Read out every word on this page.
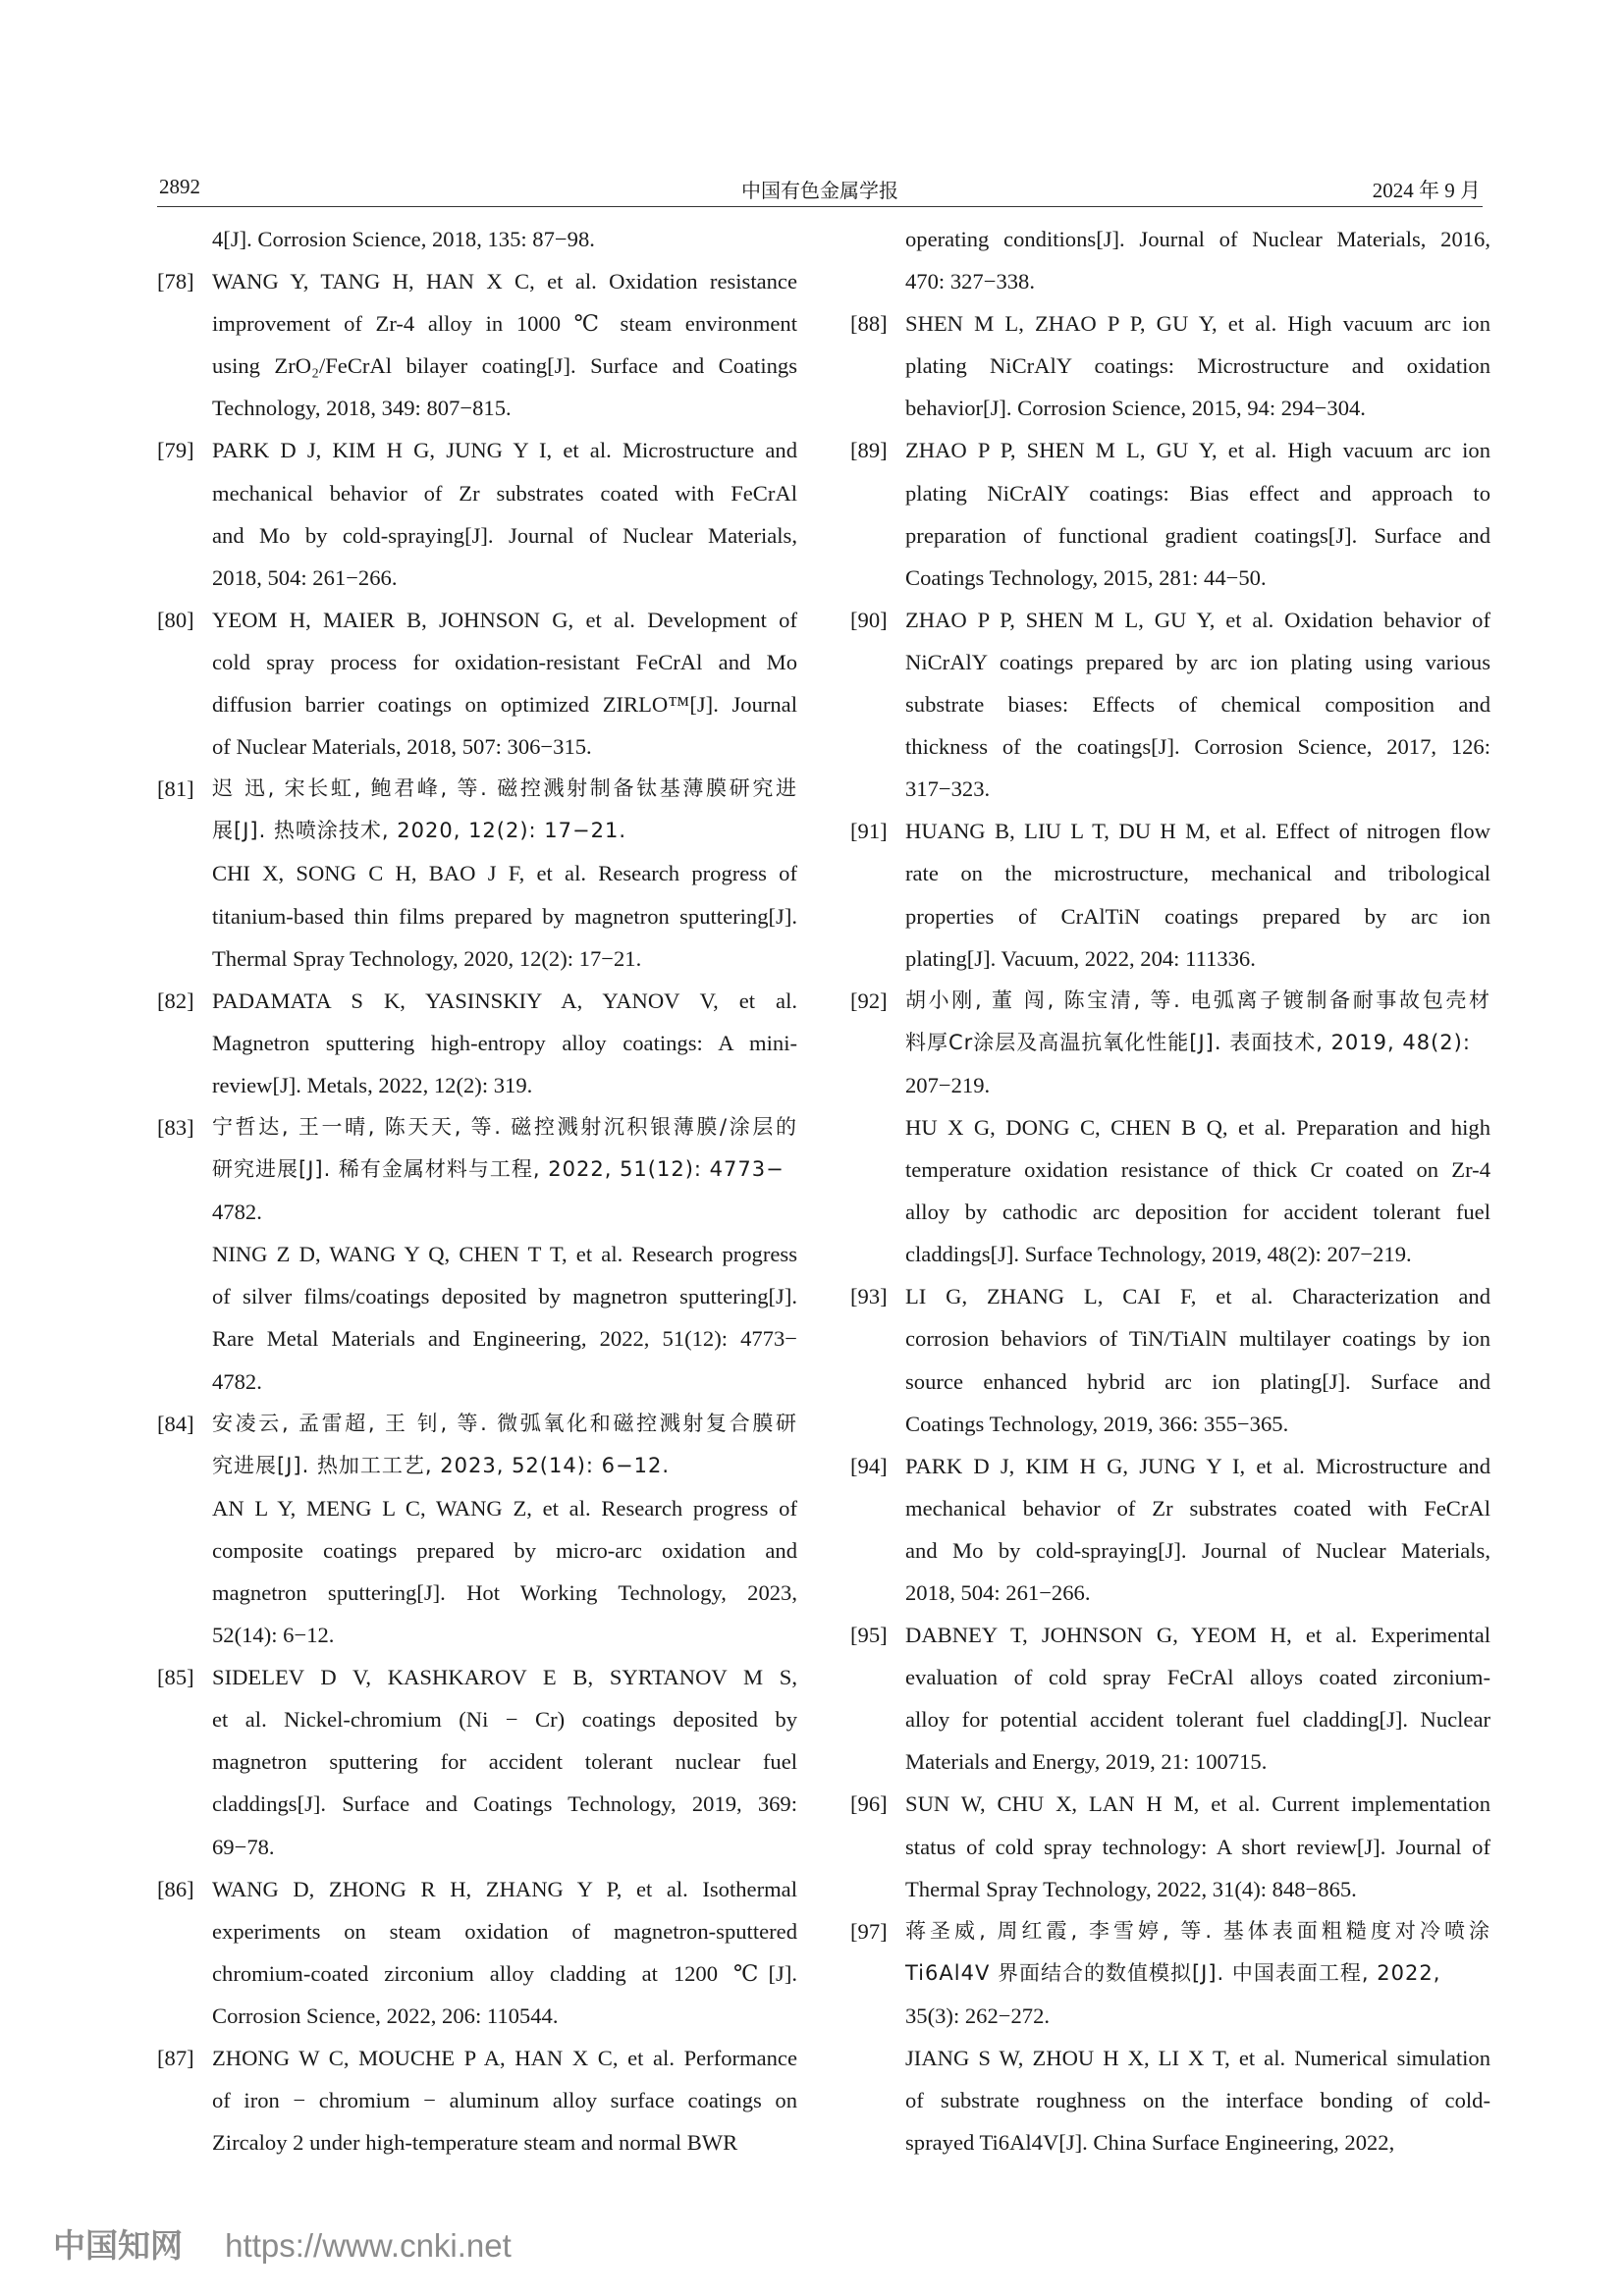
2892	中国有色金属学报	2024 年 9 月
4[J]. Corrosion Science, 2018, 135: 87−98.
[78] WANG Y, TANG H, HAN X C, et al. Oxidation resistance
improvement of Zr-4 alloy in 1000 ℃ steam environment
using ZrO₂/FeCrAl bilayer coating[J]. Surface and Coatings
Technology, 2018, 349: 807−815.
[79] PARK D J, KIM H G, JUNG Y I, et al. Microstructure and
mechanical behavior of Zr substrates coated with FeCrAl
and Mo by cold-spraying[J]. Journal of Nuclear Materials,
2018, 504: 261−266.
[80] YEOM H, MAIER B, JOHNSON G, et al. Development of
cold spray process for oxidation-resistant FeCrAl and Mo
diffusion barrier coatings on optimized ZIRLO™[J]. Journal
of Nuclear Materials, 2018, 507: 306−315.
[81] 迟 迅, 宋长虹, 鲍君峰, 等. 磁控溅射制备钛基薄膜研究进
展[J]. 热喷涂技术, 2020, 12(2): 17−21.
CHI X, SONG C H, BAO J F, et al. Research progress of
titanium-based thin films prepared by magnetron sputtering[J].
Thermal Spray Technology, 2020, 12(2): 17−21.
[82] PADAMATA S K, YASINSKIY A, YANOV V, et al.
Magnetron sputtering high-entropy alloy coatings: A mini-
review[J]. Metals, 2022, 12(2): 319.
[83] 宁哲达, 王一晴, 陈天天, 等. 磁控溅射沉积银薄膜/涂层的
研究进展[J]. 稀有金属材料与工程, 2022, 51(12): 4773−
4782.
NING Z D, WANG Y Q, CHEN T T, et al. Research progress
of silver films/coatings deposited by magnetron sputtering[J].
Rare Metal Materials and Engineering, 2022, 51(12): 4773−
4782.
[84] 安凌云, 孟雷超, 王 钊, 等. 微弧氧化和磁控溅射复合膜研
究进展[J]. 热加工工艺, 2023, 52(14): 6−12.
AN L Y, MENG L C, WANG Z, et al. Research progress of
composite coatings prepared by micro-arc oxidation and
magnetron sputtering[J]. Hot Working Technology, 2023,
52(14): 6−12.
[85] SIDELEV D V, KASHKAROV E B, SYRTANOV M S,
et al. Nickel-chromium (Ni − Cr) coatings deposited by
magnetron sputtering for accident tolerant nuclear fuel
claddings[J]. Surface and Coatings Technology, 2019, 369:
69−78.
[86] WANG D, ZHONG R H, ZHANG Y P, et al. Isothermal
experiments on steam oxidation of magnetron-sputtered
chromium-coated zirconium alloy cladding at 1200 ℃[J].
Corrosion Science, 2022, 206: 110544.
[87] ZHONG W C, MOUCHE P A, HAN X C, et al. Performance
of iron − chromium − aluminum alloy surface coatings on
Zircaloy 2 under high-temperature steam and normal BWR
operating conditions[J]. Journal of Nuclear Materials, 2016,
470: 327−338.
[88] SHEN M L, ZHAO P P, GU Y, et al. High vacuum arc ion
plating NiCrAlY coatings: Microstructure and oxidation
behavior[J]. Corrosion Science, 2015, 94: 294−304.
[89] ZHAO P P, SHEN M L, GU Y, et al. High vacuum arc ion
plating NiCrAlY coatings: Bias effect and approach to
preparation of functional gradient coatings[J]. Surface and
Coatings Technology, 2015, 281: 44−50.
[90] ZHAO P P, SHEN M L, GU Y, et al. Oxidation behavior of
NiCrAlY coatings prepared by arc ion plating using various
substrate biases: Effects of chemical composition and
thickness of the coatings[J]. Corrosion Science, 2017, 126:
317−323.
[91] HUANG B, LIU L T, DU H M, et al. Effect of nitrogen flow
rate on the microstructure, mechanical and tribological
properties of CrAlTiN coatings prepared by arc ion
plating[J]. Vacuum, 2022, 204: 111336.
[92] 胡小刚, 董 闯, 陈宝清, 等. 电弧离子镀制备耐事故包壳材
料厚Cr涂层及高温抗氧化性能[J]. 表面技术, 2019, 48(2):
207−219.
HU X G, DONG C, CHEN B Q, et al. Preparation and high
temperature oxidation resistance of thick Cr coated on Zr-4
alloy by cathodic arc deposition for accident tolerant fuel
claddings[J]. Surface Technology, 2019, 48(2): 207−219.
[93] LI G, ZHANG L, CAI F, et al. Characterization and
corrosion behaviors of TiN/TiAlN multilayer coatings by ion
source enhanced hybrid arc ion plating[J]. Surface and
Coatings Technology, 2019, 366: 355−365.
[94] PARK D J, KIM H G, JUNG Y I, et al. Microstructure and
mechanical behavior of Zr substrates coated with FeCrAl
and Mo by cold-spraying[J]. Journal of Nuclear Materials,
2018, 504: 261−266.
[95] DABNEY T, JOHNSON G, YEOM H, et al. Experimental
evaluation of cold spray FeCrAl alloys coated zirconium-
alloy for potential accident tolerant fuel cladding[J]. Nuclear
Materials and Energy, 2019, 21: 100715.
[96] SUN W, CHU X, LAN H M, et al. Current implementation
status of cold spray technology: A short review[J]. Journal of
Thermal Spray Technology, 2022, 31(4): 848−865.
[97] 蒋圣威, 周红霞, 李雪婷, 等. 基体表面粗糙度对冷喷涂
Ti6Al4V 界面结合的数值模拟[J]. 中国表面工程, 2022,
35(3): 262−272.
JIANG S W, ZHOU H X, LI X T, et al. Numerical simulation
of substrate roughness on the interface bonding of cold-
sprayed Ti6Al4V[J]. China Surface Engineering, 2022,
中国知网 https://www.cnki.net
